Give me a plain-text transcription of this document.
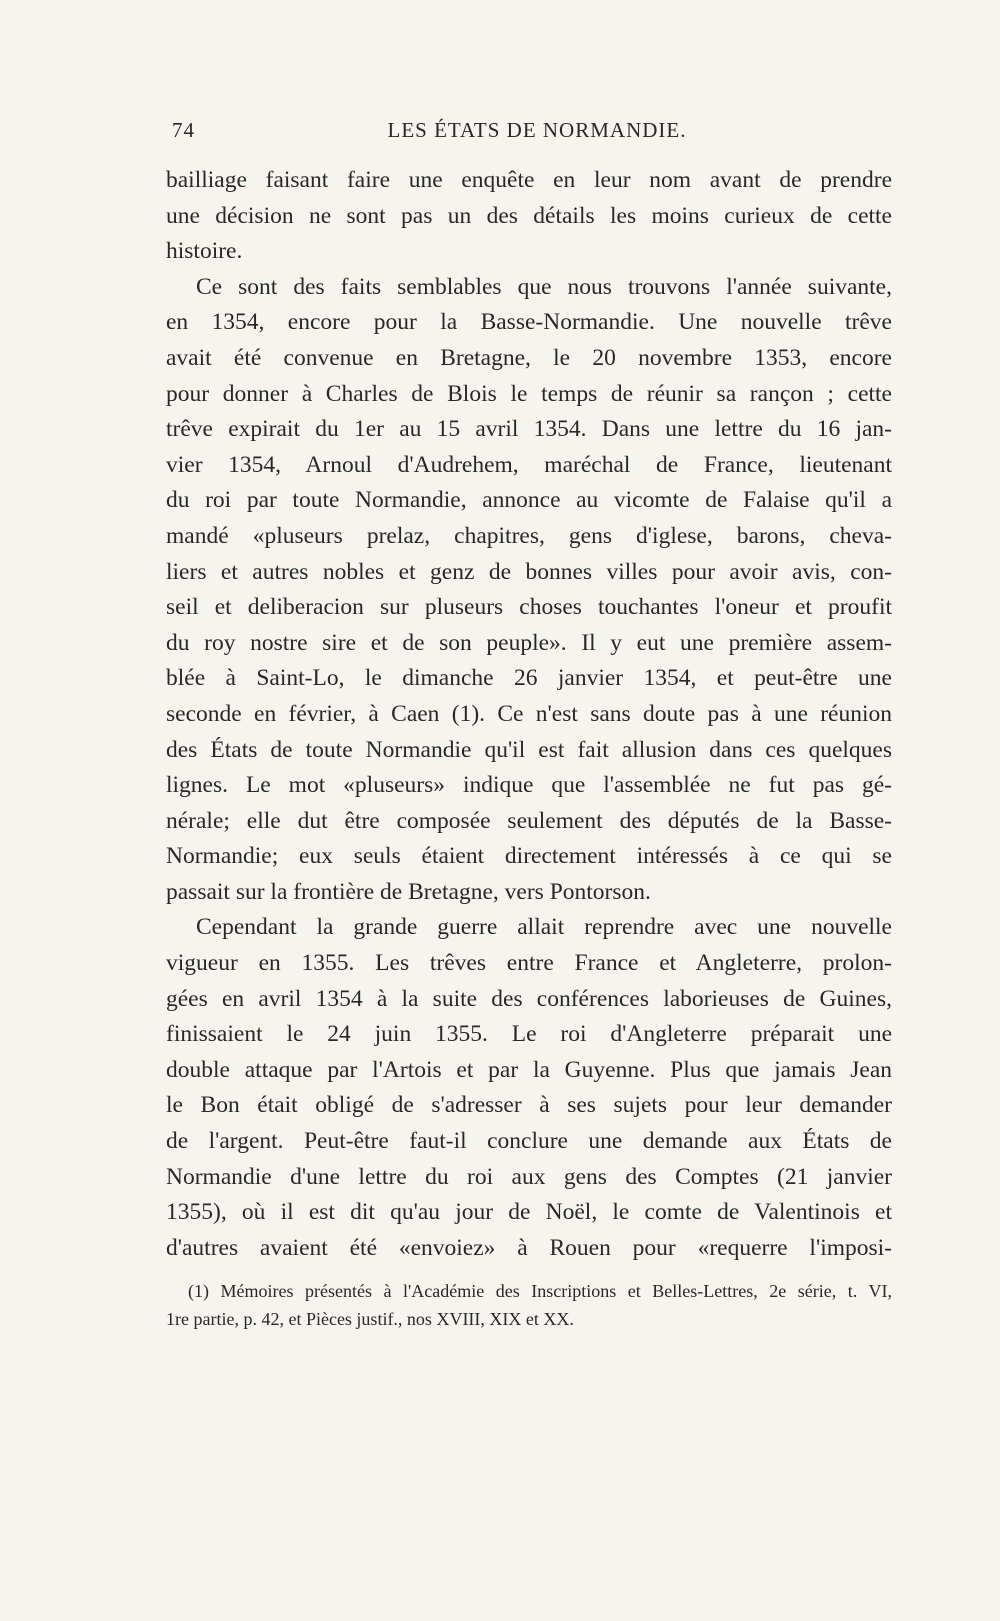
74	LES ÉTATS DE NORMANDIE.
bailliage faisant faire une enquête en leur nom avant de prendre
une décision ne sont pas un des détails les moins curieux de cette
histoire.
Ce sont des faits semblables que nous trouvons l'année suivante,
en 1354, encore pour la Basse-Normandie. Une nouvelle trêve
avait été convenue en Bretagne, le 20 novembre 1353, encore
pour donner à Charles de Blois le temps de réunir sa rançon ; cette
trêve expirait du 1er au 15 avril 1354. Dans une lettre du 16 jan-
vier 1354, Arnoul d'Audrehem, maréchal de France, lieutenant
du roi par toute Normandie, annonce au vicomte de Falaise qu'il a
mandé «pluseurs prelaz, chapitres, gens d'iglese, barons, cheva-
liers et autres nobles et genz de bonnes villes pour avoir avis, con-
seil et deliberacion sur pluseurs choses touchantes l'oneur et proufit
du roy nostre sire et de son peuple». Il y eut une première assem-
blée à Saint-Lo, le dimanche 26 janvier 1354, et peut-être une
seconde en février, à Caen (1). Ce n'est sans doute pas à une réunion
des États de toute Normandie qu'il est fait allusion dans ces quelques
lignes. Le mot «pluseurs» indique que l'assemblée ne fut pas gé-
nérale; elle dut être composée seulement des députés de la Basse-
Normandie; eux seuls étaient directement intéressés à ce qui se
passait sur la frontière de Bretagne, vers Pontorson.
Cependant la grande guerre allait reprendre avec une nouvelle
vigueur en 1355. Les trêves entre France et Angleterre, prolon-
gées en avril 1354 à la suite des conférences laborieuses de Guines,
finissaient le 24 juin 1355. Le roi d'Angleterre préparait une
double attaque par l'Artois et par la Guyenne. Plus que jamais Jean
le Bon était obligé de s'adresser à ses sujets pour leur demander
de l'argent. Peut-être faut-il conclure une demande aux États de
Normandie d'une lettre du roi aux gens des Comptes (21 janvier
1355), où il est dit qu'au jour de Noël, le comte de Valentinois et
d'autres avaient été «envoiez» à Rouen pour «requerre l'imposi-
(1) Mémoires présentés à l'Académie des Inscriptions et Belles-Lettres, 2e série, t. VI,
1re partie, p. 42, et Pièces justif., nos XVIII, XIX et XX.
